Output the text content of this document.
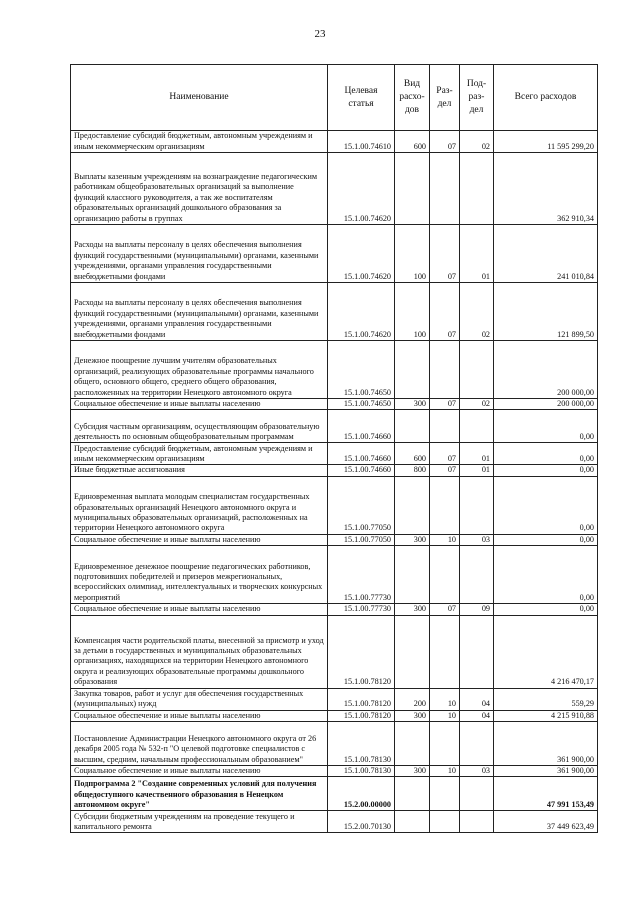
23
Наименование	Целевая статья	Вид расхо- дов	Раз- дел	Под- раз- дел	Всего расходов
Предоставление субсидий бюджетным, автономным учреждениям и иным некоммерческим организациям	15.1.00.74610	600	07	02	11 595 299,20
Выплаты казенным учреждениям на вознаграждение педагогическим работникам общеобразовательных организаций за выполнение функций классного руководителя, а так же воспитателям образовательных организаций дошкольного образования за организацию работы в группах	15.1.00.74620				362 910,34
Расходы на выплаты персоналу в целях обеспечения выполнения функций государственными (муниципальными) органами, казенными учреждениями, органами управления государственными внебюджетными фондами	15.1.00.74620	100	07	01	241 010,84
Расходы на выплаты персоналу в целях обеспечения выполнения функций государственными (муниципальными) органами, казенными учреждениями, органами управления государственными внебюджетными фондами	15.1.00.74620	100	07	02	121 899,50
Денежное поощрение лучшим учителям образовательных организаций, реализующих образовательные программы начального общего, основного общего, среднего общего образования, расположенных на территории Ненецкого автономного округа	15.1.00.74650				200 000,00
Социальное обеспечение и иные выплаты населению	15.1.00.74650	300	07	02	200 000,00
Субсидия частным организациям, осуществляющим образовательную деятельность по основным общеобразовательным программам	15.1.00.74660				0,00
Предоставление субсидий бюджетным, автономным учреждениям и иным некоммерческим организациям	15.1.00.74660	600	07	01	0,00
Иные бюджетные ассигнования	15.1.00.74660	800	07	01	0,00
Единовременная выплата молодым специалистам государственных образовательных организаций Ненецкого автономного округа и муниципальных образовательных организаций, расположенных на территории Ненецкого автономного округа	15.1.00.77050				0,00
Социальное обеспечение и иные выплаты населению	15.1.00.77050	300	10	03	0,00
Единовременное денежное поощрение педагогических работников, подготовивших победителей и призеров межрегиональных, всероссийских олимпиад, интеллектуальных и творческих конкурсных мероприятий	15.1.00.77730				0,00
Социальное обеспечение и иные выплаты населению	15.1.00.77730	300	07	09	0,00
Компенсация части родительской платы, внесенной за присмотр и уход за детьми в государственных и муниципальных образовательных организациях, находящихся на территории Ненецкого автономного округа и реализующих образовательные программы дошкольного образования	15.1.00.78120				4 216 470,17
Закупка товаров, работ и услуг для обеспечения государственных (муниципальных) нужд	15.1.00.78120	200	10	04	559,29
Социальное обеспечение и иные выплаты населению	15.1.00.78120	300	10	04	4 215 910,88
Постановление Администрации Ненецкого автономного округа от 26 декабря 2005 года № 532-п "О целевой подготовке специалистов с высшим, средним, начальным профессиональным образованием"	15.1.00.78130				361 900,00
Социальное обеспечение и иные выплаты населению	15.1.00.78130	300	10	03	361 900,00
Подпрограмма 2 "Создание современных условий для получения общедоступного качественного образования в Ненецком автономном округе"	15.2.00.00000				47 991 153,49
Субсидии бюджетным учреждениям на проведение текущего и капитального ремонта	15.2.00.70130				37 449 623,49
